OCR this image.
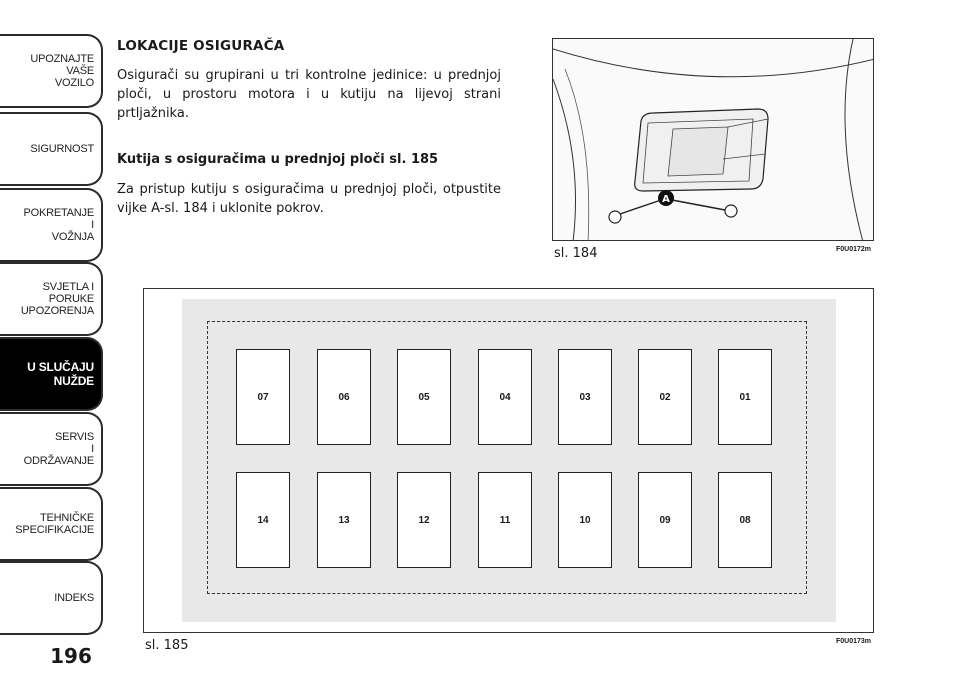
UPOZNAJTE
VAŠE
VOZILO
SIGURNOST
POKRETANJE
I
VOŽNJA
SVJETLA I
PORUKE
UPOZORENJA
U SLUČAJU
NUŽDE
SERVIS
I
ODRŽAVANJE
TEHNIČKE
SPECIFIKACIJE
INDEKS
196
LOKACIJE OSIGURAČA
Osigurači su grupirani u tri kontrolne jedinice: u prednjoj ploči, u prostoru motora i u kutiju na lijevoj strani prtljažnika.
Kutija s osiguračima u prednjoj ploči sl. 185
Za pristup kutiju s osiguračima u prednjoj ploči, otpustite vijke A-sl. 184 i uklonite pokrov.
A
sl. 184	F0U0172m
07	06	05	04	03	02	01
14	13	12	11	10	09	08
sl. 185	F0U0173m
